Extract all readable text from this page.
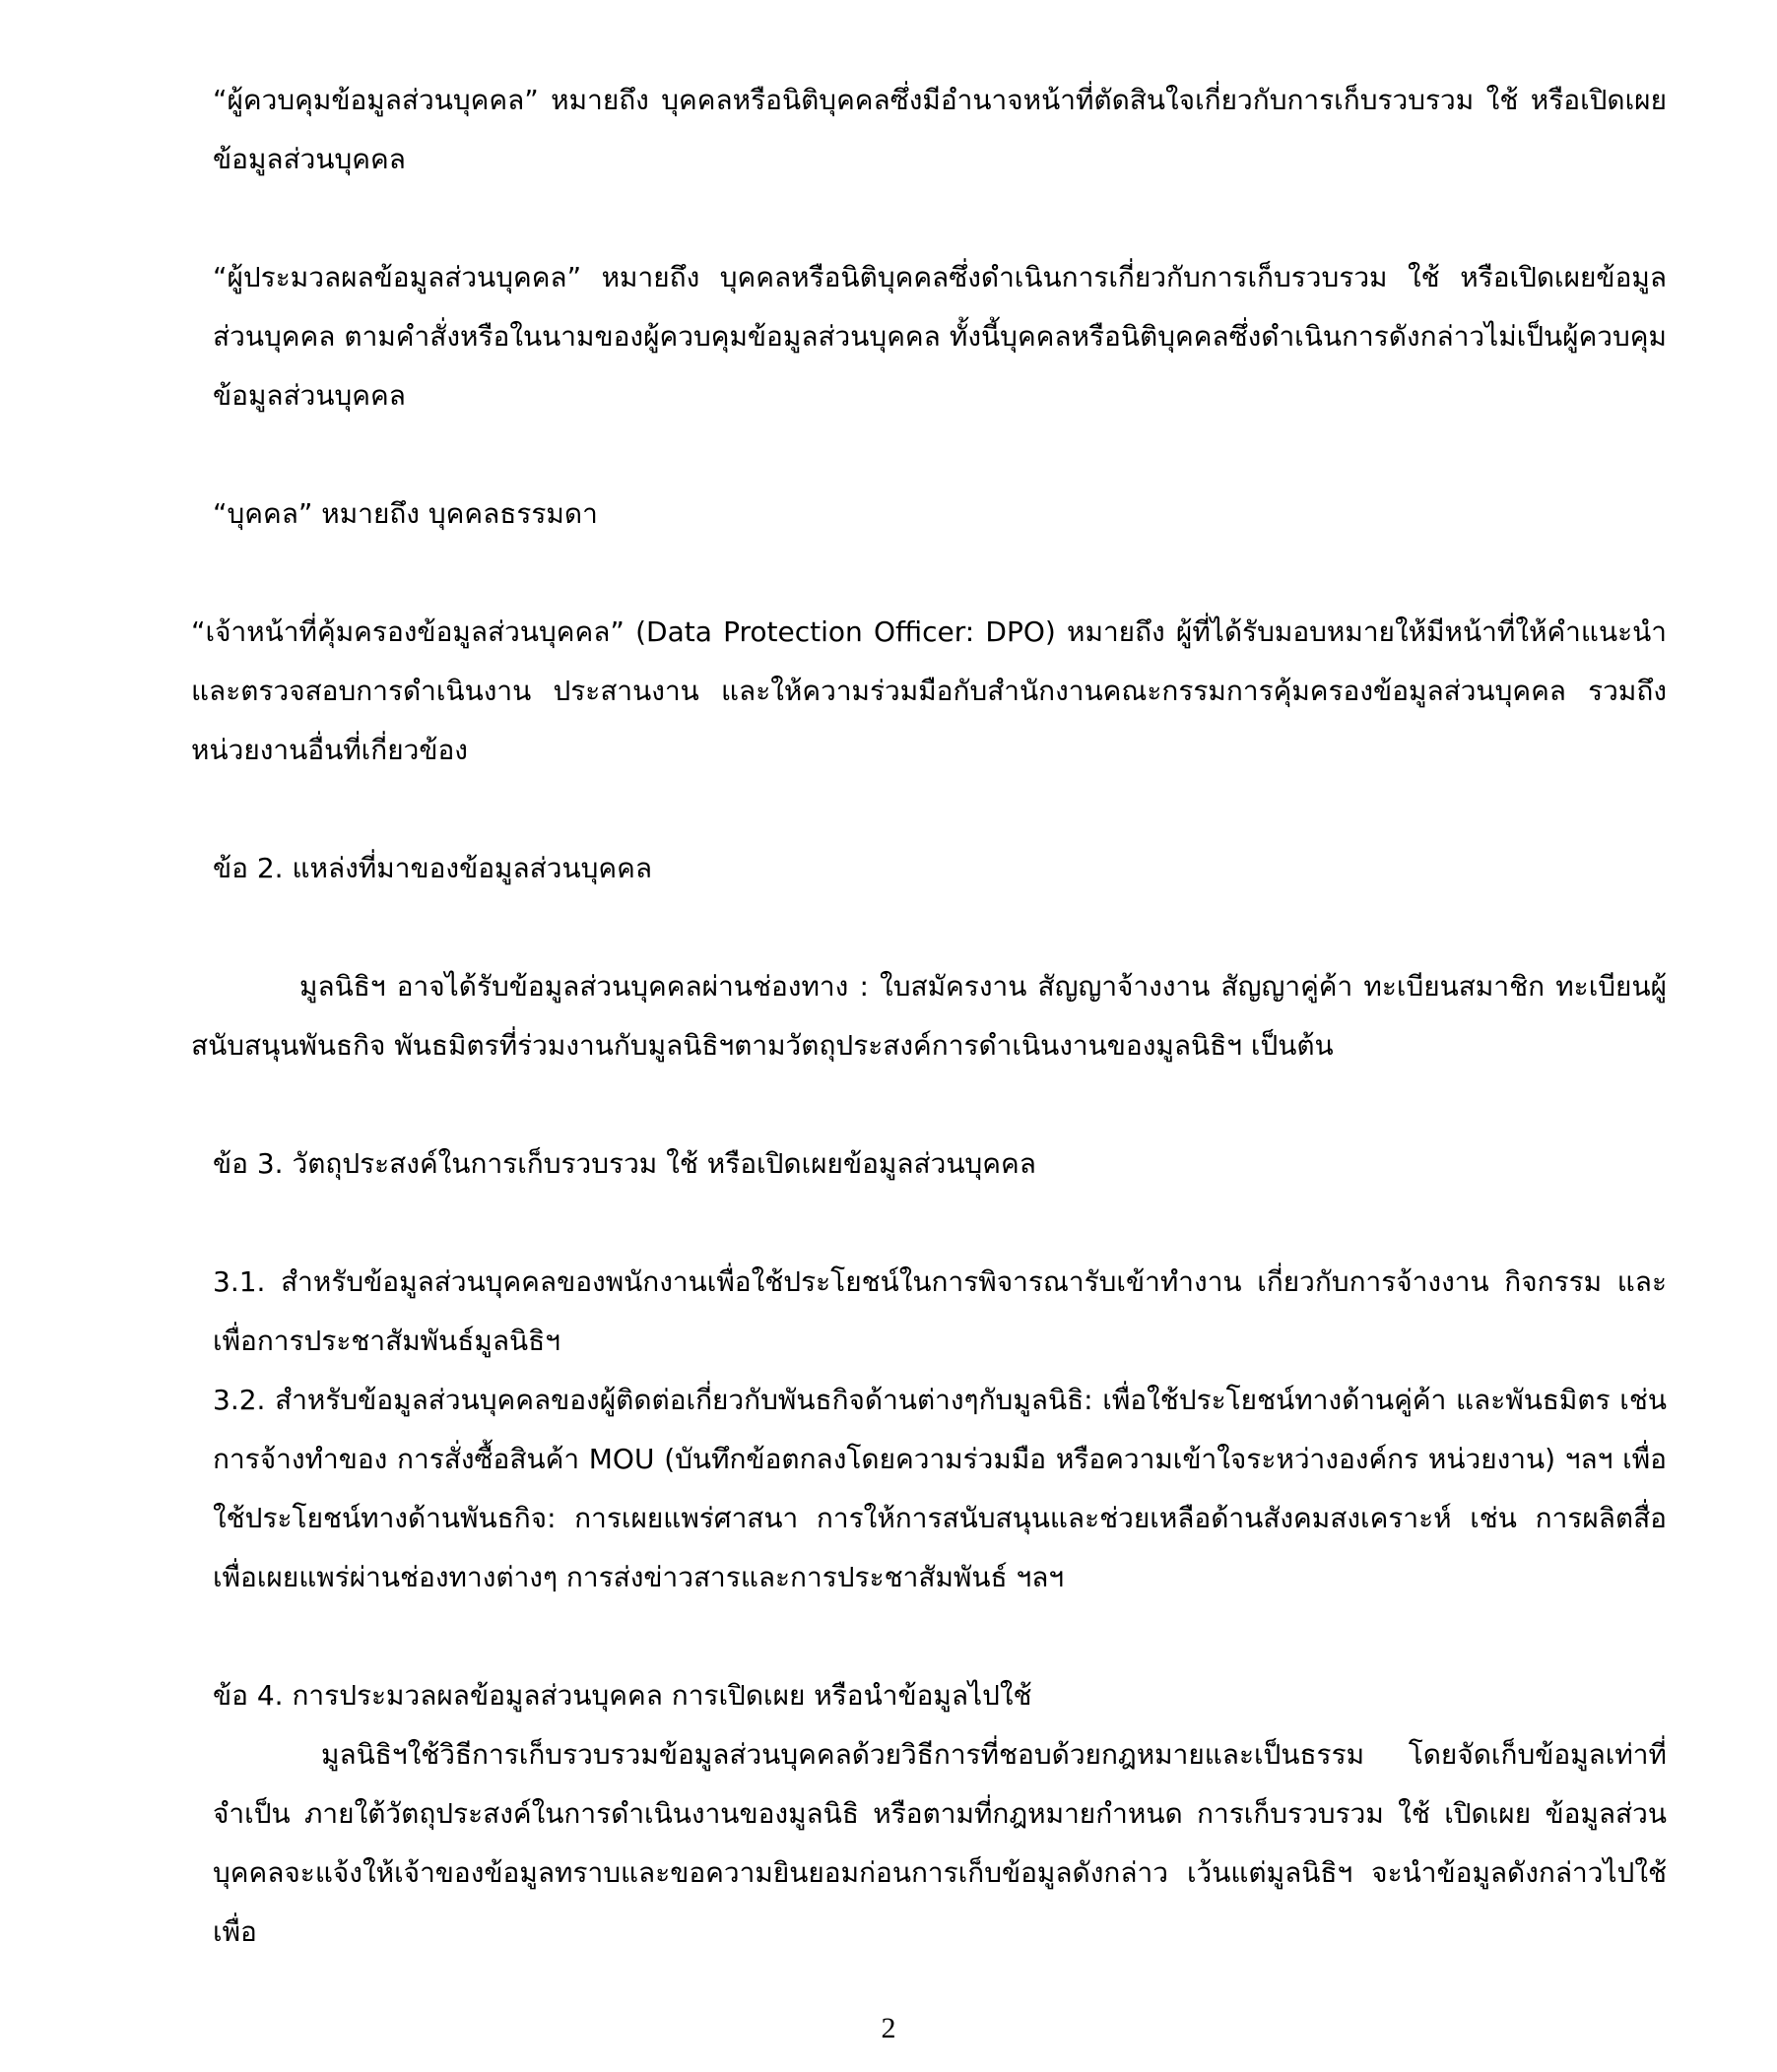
“ผู้ควบคุมข้อมูลส่วนบุคคล” หมายถึง บุคคลหรือนิติบุคคลซึ่งมีอำนาจหน้าที่ตัดสินใจเกี่ยวกับการเก็บรวบรวม ใช้ หรือเปิดเผยข้อมูลส่วนบุคคล

“ผู้ประมวลผลข้อมูลส่วนบุคคล” หมายถึง บุคคลหรือนิติบุคคลซึ่งดำเนินการเกี่ยวกับการเก็บรวบรวม ใช้ หรือเปิดเผยข้อมูลส่วนบุคคล ตามคำสั่งหรือในนามของผู้ควบคุมข้อมูลส่วนบุคคล ทั้งนี้บุคคลหรือนิติบุคคลซึ่งดำเนินการดังกล่าวไม่เป็นผู้ควบคุมข้อมูลส่วนบุคคล

“บุคคล” หมายถึง บุคคลธรรมดา

“เจ้าหน้าที่คุ้มครองข้อมูลส่วนบุคคล” (Data Protection Officer: DPO) หมายถึง ผู้ที่ได้รับมอบหมายให้มีหน้าที่ให้คำแนะนำและตรวจสอบการดำเนินงาน ประสานงาน และให้ความร่วมมือกับสำนักงานคณะกรรมการคุ้มครองข้อมูลส่วนบุคคล รวมถึงหน่วยงานอื่นที่เกี่ยวข้อง

ข้อ 2. แหล่งที่มาของข้อมูลส่วนบุคคล

มูลนิธิฯ อาจได้รับข้อมูลส่วนบุคคลผ่านช่องทาง : ใบสมัครงาน สัญญาจ้างงาน สัญญาคู่ค้า ทะเบียนสมาชิก ทะเบียนผู้สนับสนุนพันธกิจ พันธมิตรที่ร่วมงานกับมูลนิธิฯตามวัตถุประสงค์การดำเนินงานของมูลนิธิฯ เป็นต้น

ข้อ 3. วัตถุประสงค์ในการเก็บรวบรวม ใช้ หรือเปิดเผยข้อมูลส่วนบุคคล

3.1. สำหรับข้อมูลส่วนบุคคลของพนักงานเพื่อใช้ประโยชน์ในการพิจารณารับเข้าทำงาน เกี่ยวกับการจ้างงาน กิจกรรม และ เพื่อการประชาสัมพันธ์มูลนิธิฯ

3.2. สำหรับข้อมูลส่วนบุคคลของผู้ติดต่อเกี่ยวกับพันธกิจด้านต่างๆกับมูลนิธิ: เพื่อใช้ประโยชน์ทางด้านคู่ค้า และพันธมิตร เช่น การจ้างทำของ การสั่งซื้อสินค้า MOU (บันทึกข้อตกลงโดยความร่วมมือ หรือความเข้าใจระหว่างองค์กร หน่วยงาน) ฯลฯ เพื่อใช้ประโยชน์ทางด้านพันธกิจ: การเผยแพร่ศาสนา การให้การสนับสนุนและช่วยเหลือด้านสังคมสงเคราะห์ เช่น การผลิตสื่อเพื่อเผยแพร่ผ่านช่องทางต่างๆ การส่งข่าวสารและการประชาสัมพันธ์ ฯลฯ

ข้อ 4. การประมวลผลข้อมูลส่วนบุคคล การเปิดเผย หรือนำข้อมูลไปใช้

มูลนิธิฯใช้วิธีการเก็บรวบรวมข้อมูลส่วนบุคคลด้วยวิธีการที่ชอบด้วยกฎหมายและเป็นธรรม โดยจัดเก็บข้อมูลเท่าที่จำเป็น ภายใต้วัตถุประสงค์ในการดำเนินงานของมูลนิธิ หรือตามที่กฎหมายกำหนด การเก็บรวบรวม ใช้ เปิดเผย ข้อมูลส่วนบุคคลจะแจ้งให้เจ้าของข้อมูลทราบและขอความยินยอมก่อนการเก็บข้อมูลดังกล่าว เว้นแต่มูลนิธิฯ จะนำข้อมูลดังกล่าวไปใช้เพื่อ

2
